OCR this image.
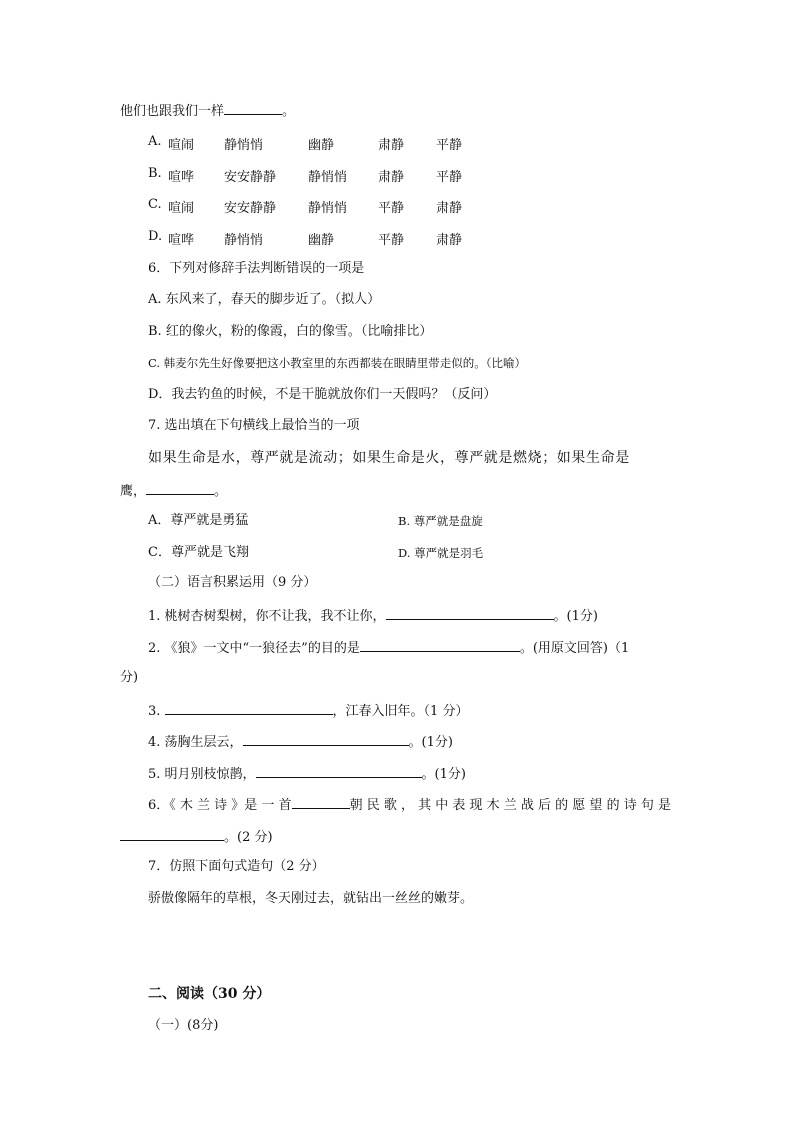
他们也跟我们一样	。
A. 喧闹 静悄悄	幽静	肃静 平静
B. 喧哗 安安静静 静悄悄 肃静 平静
C. 喧闹 安安静静 静悄悄 平静 肃静
D. 喧哗 静悄悄	幽静	平静 肃静
6．下列对修辞手法判断错误的一项是
A. 东风来了，春天的脚步近了。（拟人）
B. 红的像火，粉的像霞，白的像雪。（比喻排比）
C. 韩麦尔先生好像要把这小教室里的东西都装在眼睛里带走似的。（比喻）
D．我去钓鱼的时候，不是干脆就放你们一天假吗？（反问）
7. 选出填在下句横线上最恰当的一项
如果生命是水，尊严就是流动；如果生命是火，尊严就是燃烧；如果生命是
鹰，	。
A．尊严就是勇猛	B. 尊严就是盘旋
C．尊严就是飞翔	D. 尊严就是羽毛
（二）语言积累运用（9 分）
1. 桃树杏树梨树，你不让我，我不让你，	。(1分)
2. 《狼》一文中“一狼径去”的目的是	。(用原文回答)（1
分)
3.	，江春入旧年。（1 分）
4. 荡胸生层云，	。(1分)
5. 明月别枝惊鹊，	。(1分)
6．《 木 兰 诗 》是 一 首	朝 民 歌 ， 其 中 表 现 木 兰 战 后 的 愿 望 的 诗 句 是
。(2 分)
7．仿照下面句式造句（2 分）
骄傲像隔年的草根，冬天刚过去，就钻出一丝丝的嫩芽。
二、阅读（30 分）
（一）(8分)
